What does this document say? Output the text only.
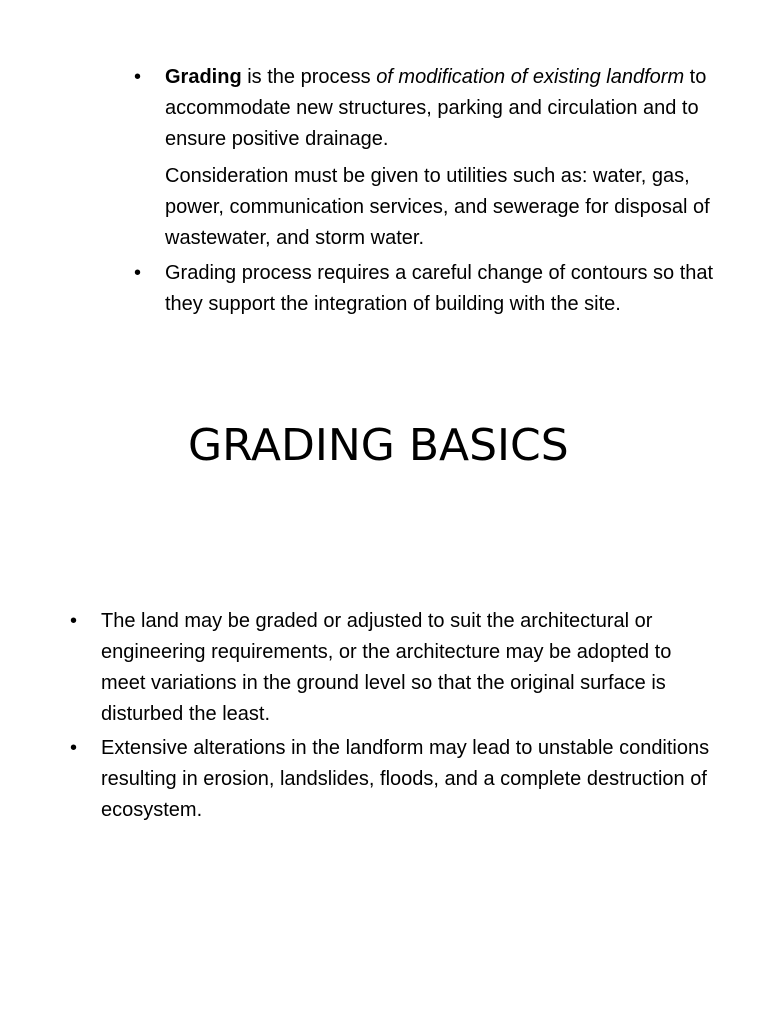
•	Grading is the process of modification of existing landform to accommodate new structures, parking and circulation and to ensure positive drainage.
Consideration must be given to utilities such as: water, gas, power, communication services, and sewerage for disposal of wastewater, and storm water.
•	Grading process requires a careful change of contours so that they support the integration of building with the site.
GRADING BASICS
•	The land may be graded or adjusted to suit the architectural or engineering requirements, or the architecture may be adopted to meet variations in the ground level so that the original surface is disturbed the least.
•	Extensive alterations in the landform may lead to unstable conditions resulting in erosion, landslides, floods, and a complete destruction of ecosystem.
